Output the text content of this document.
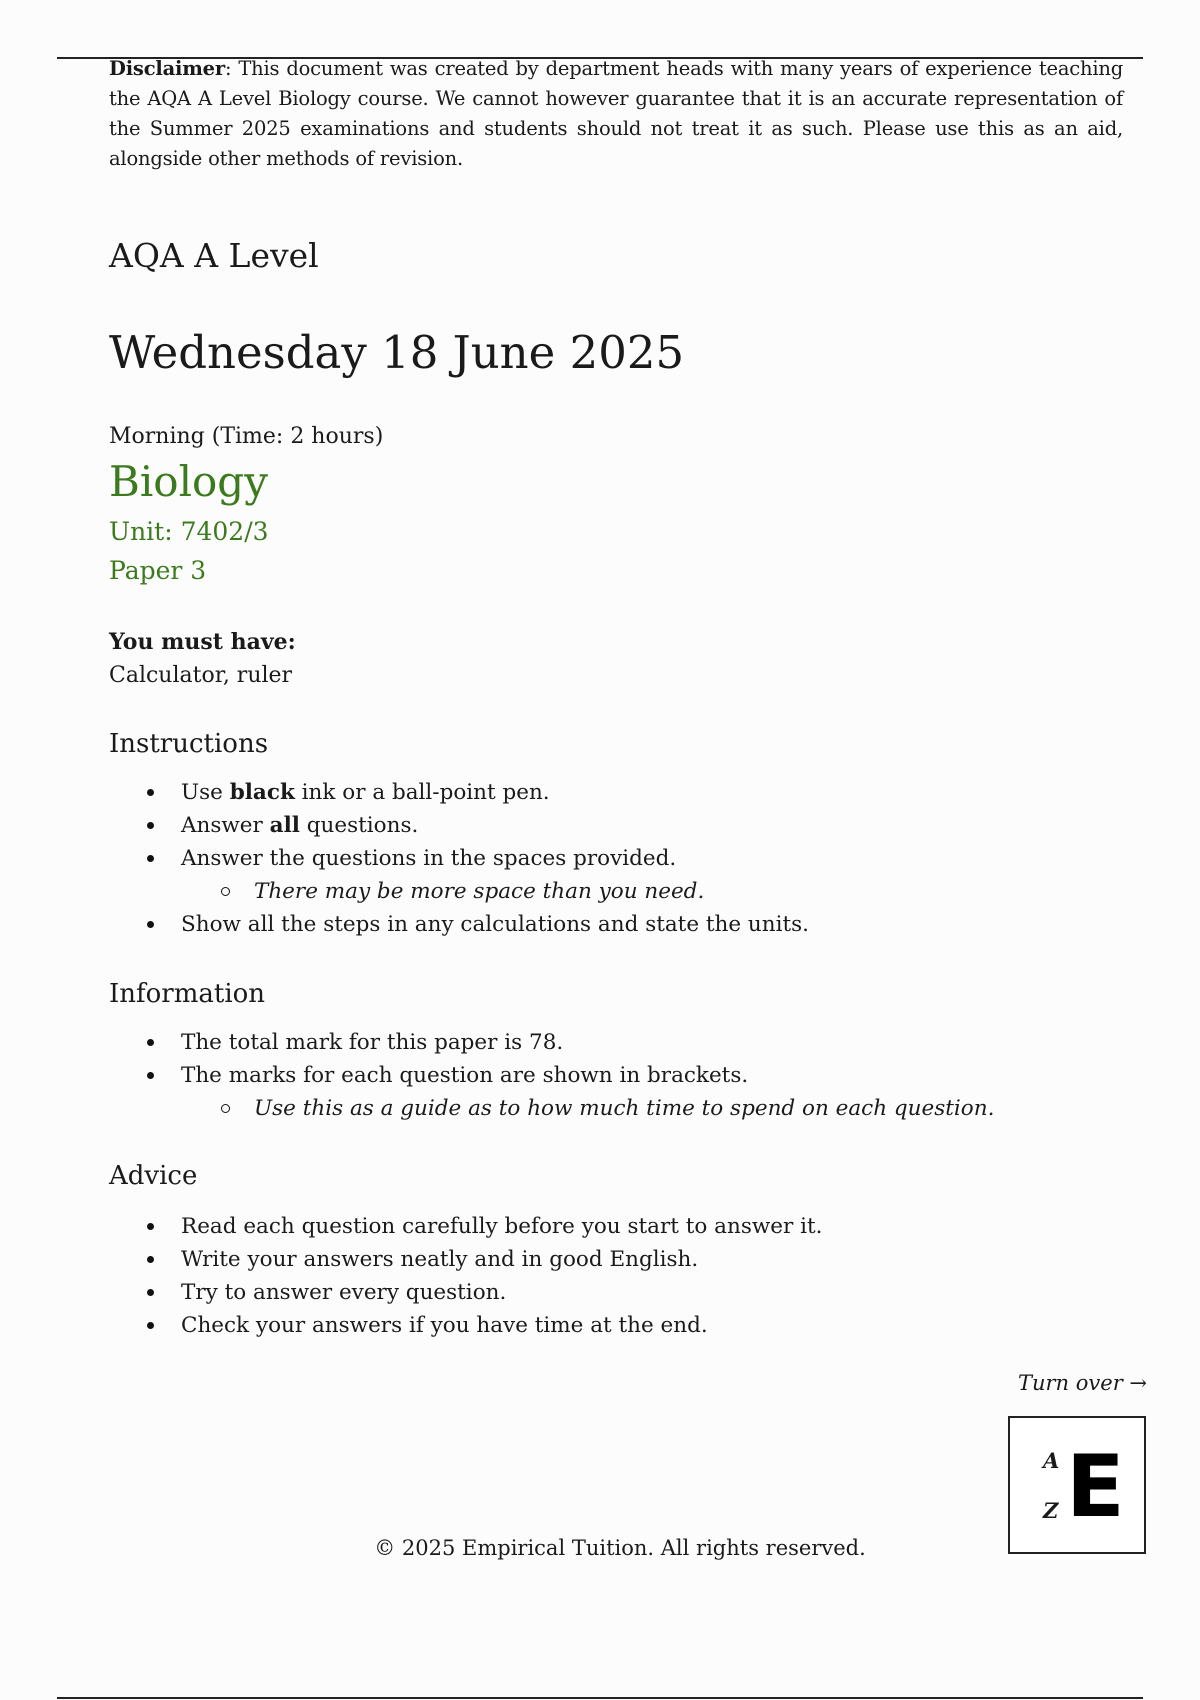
Disclaimer: This document was created by department heads with many years of experience teaching the AQA A Level Biology course. We cannot however guarantee that it is an accurate representation of the Summer 2025 examinations and students should not treat it as such. Please use this as an aid, alongside other methods of revision.
AQA A Level
Wednesday 18 June 2025
Morning (Time: 2 hours)
Biology
Unit: 7402/3
Paper 3
You must have:
Calculator, ruler
Instructions
Use black ink or a ball-point pen.
Answer all questions.
Answer the questions in the spaces provided.
There may be more space than you need.
Show all the steps in any calculations and state the units.
Information
The total mark for this paper is 78.
The marks for each question are shown in brackets.
Use this as a guide as to how much time to spend on each question.
Advice
Read each question carefully before you start to answer it.
Write your answers neatly and in good English.
Try to answer every question.
Check your answers if you have time at the end.
Turn over →
A E
Z
© 2025 Empirical Tuition. All rights reserved.
